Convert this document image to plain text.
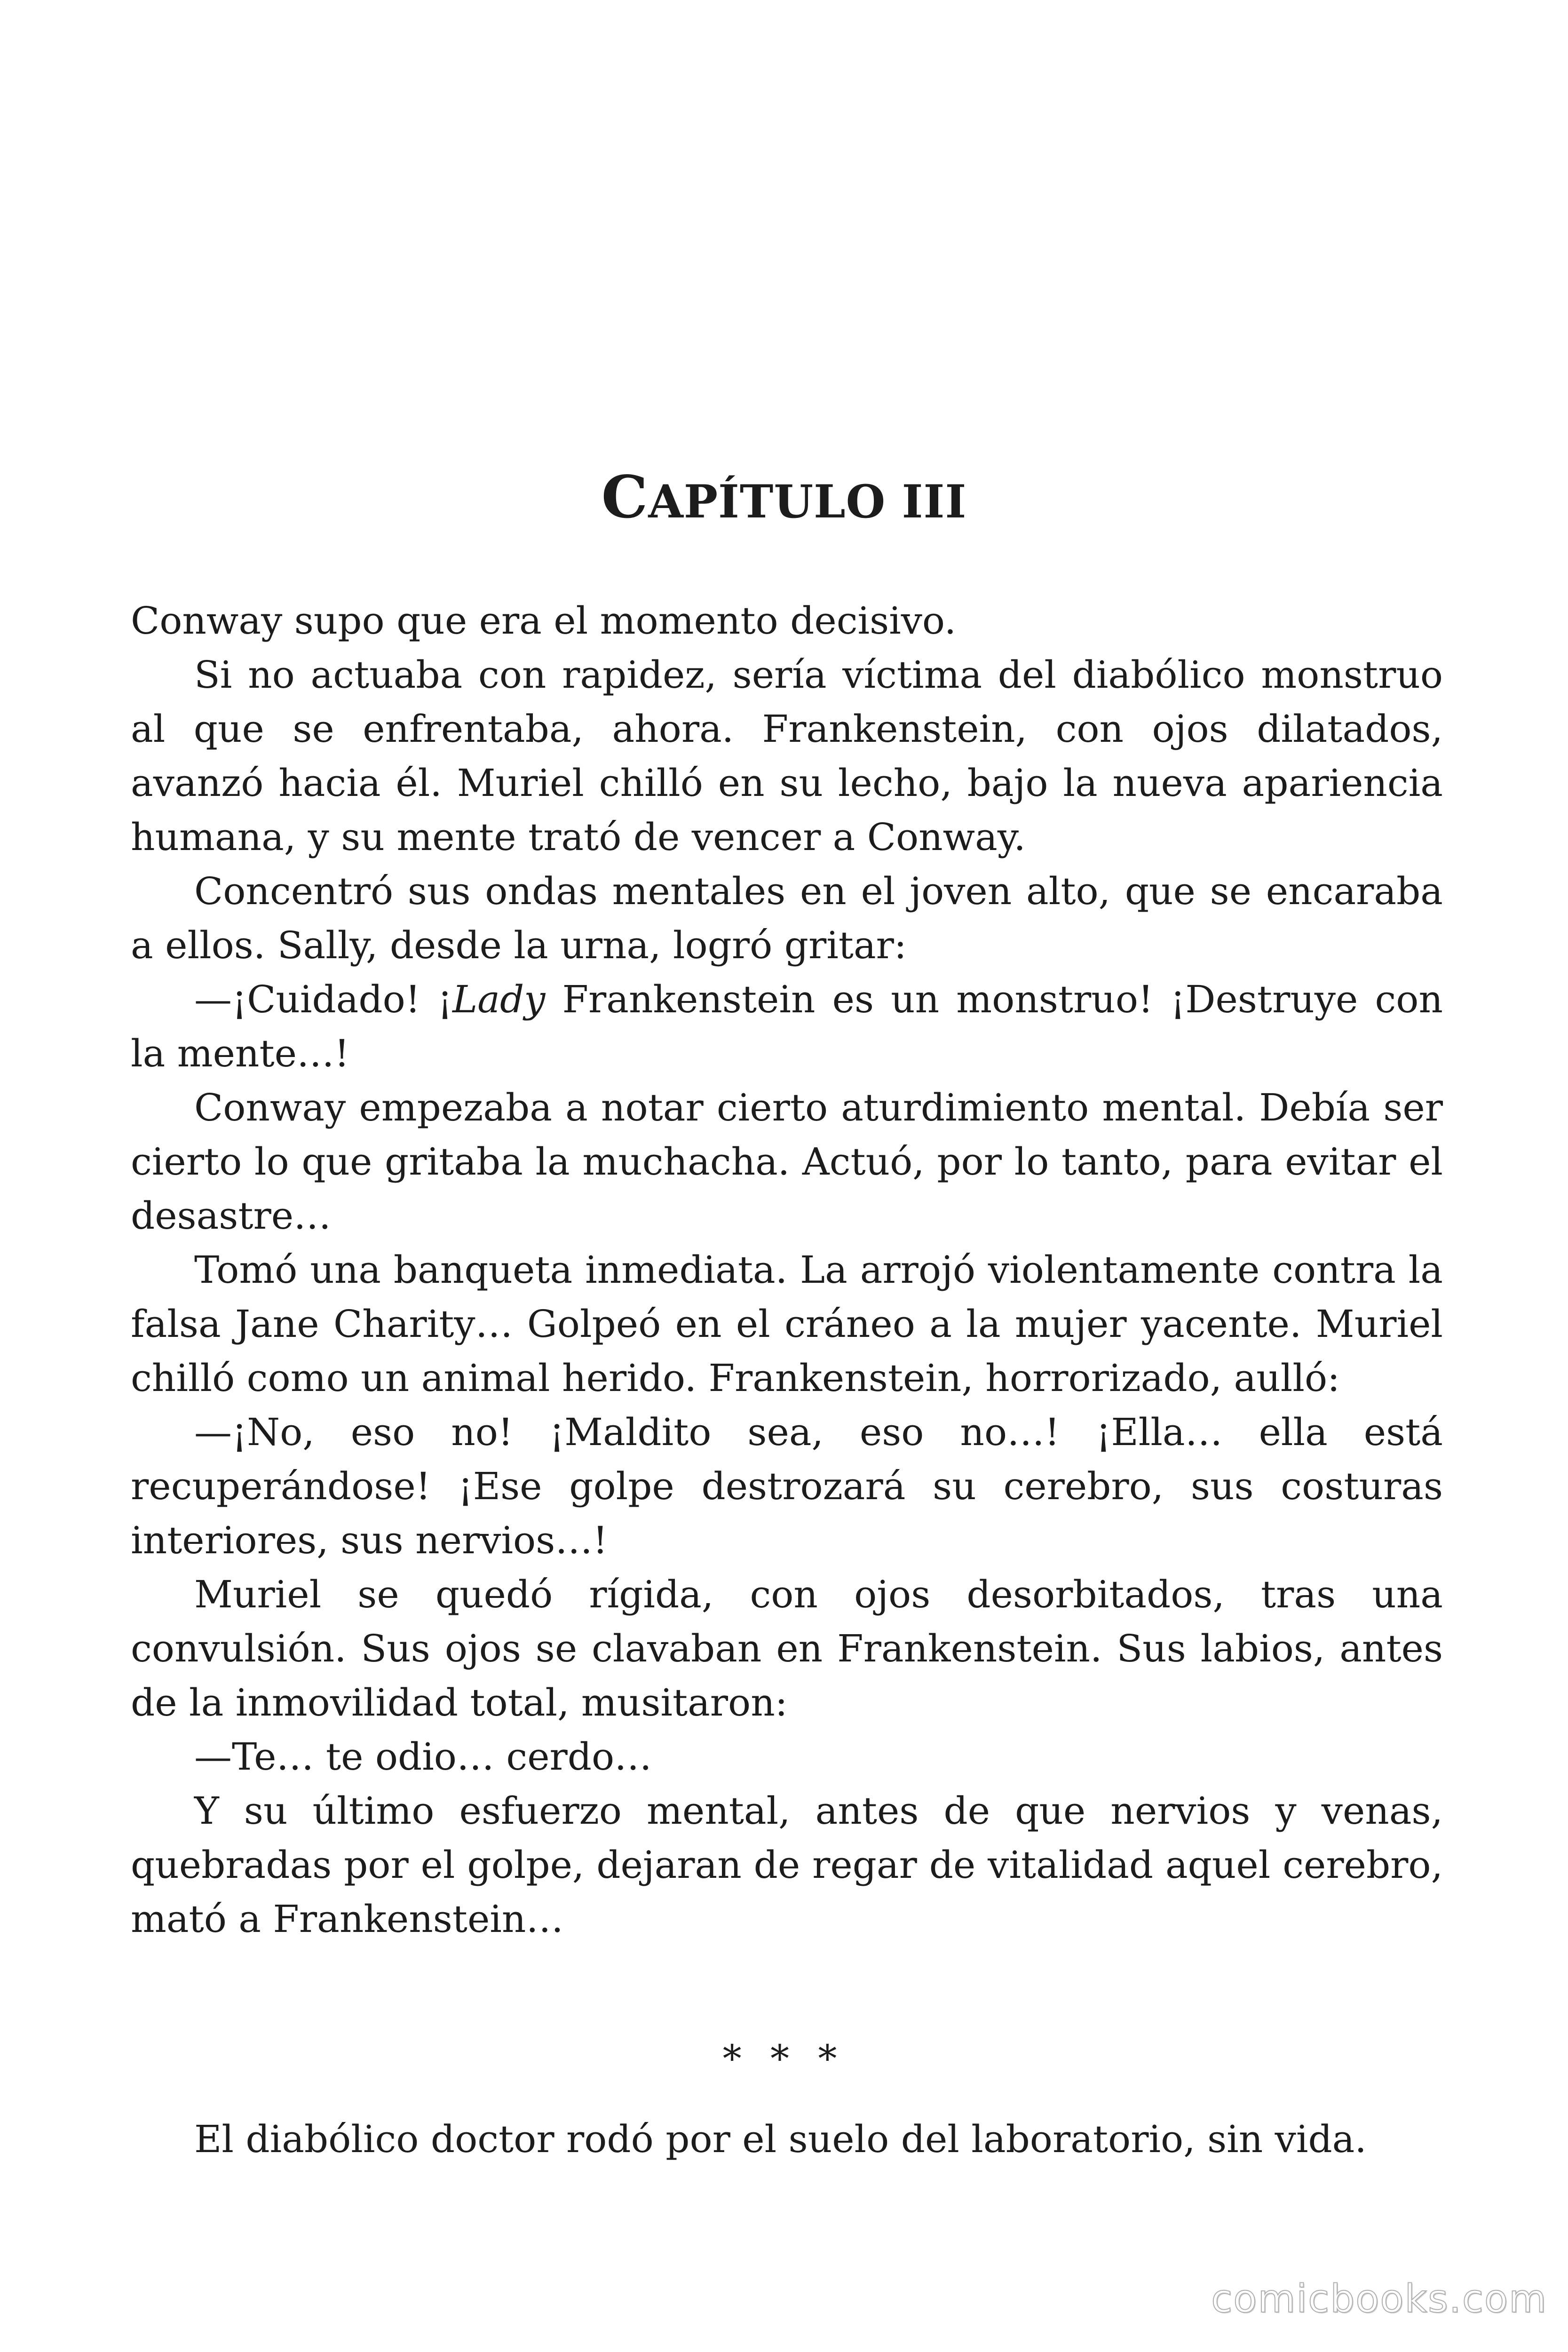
CAPÍTULO III

Conway supo que era el momento decisivo.

Si no actuaba con rapidez, sería víctima del diabólico monstruo al que se enfrentaba, ahora. Frankenstein, con ojos dilatados, avanzó hacia él. Muriel chilló en su lecho, bajo la nueva apariencia humana, y su mente trató de vencer a Conway.

Concentró sus ondas mentales en el joven alto, que se encaraba a ellos. Sally, desde la urna, logró gritar:

—¡Cuidado! ¡Lady Frankenstein es un monstruo! ¡Destruye con la mente…!

Conway empezaba a notar cierto aturdimiento mental. Debía ser cierto lo que gritaba la muchacha. Actuó, por lo tanto, para evitar el desastre…

Tomó una banqueta inmediata. La arrojó violentamente contra la falsa Jane Charity… Golpeó en el cráneo a la mujer yacente. Muriel chilló como un animal herido. Frankenstein, horrorizado, aulló:

—¡No, eso no! ¡Maldito sea, eso no…! ¡Ella… ella está recuperándose! ¡Ese golpe destrozará su cerebro, sus costuras interiores, sus nervios…!

Muriel se quedó rígida, con ojos desorbitados, tras una convulsión. Sus ojos se clavaban en Frankenstein. Sus labios, antes de la inmovilidad total, musitaron:

—Te… te odio… cerdo…

Y su último esfuerzo mental, antes de que nervios y venas, quebradas por el golpe, dejaran de regar de vitalidad aquel cerebro, mató a Frankenstein…

* * *

El diabólico doctor rodó por el suelo del laboratorio, sin vida.

comicbooks.com
